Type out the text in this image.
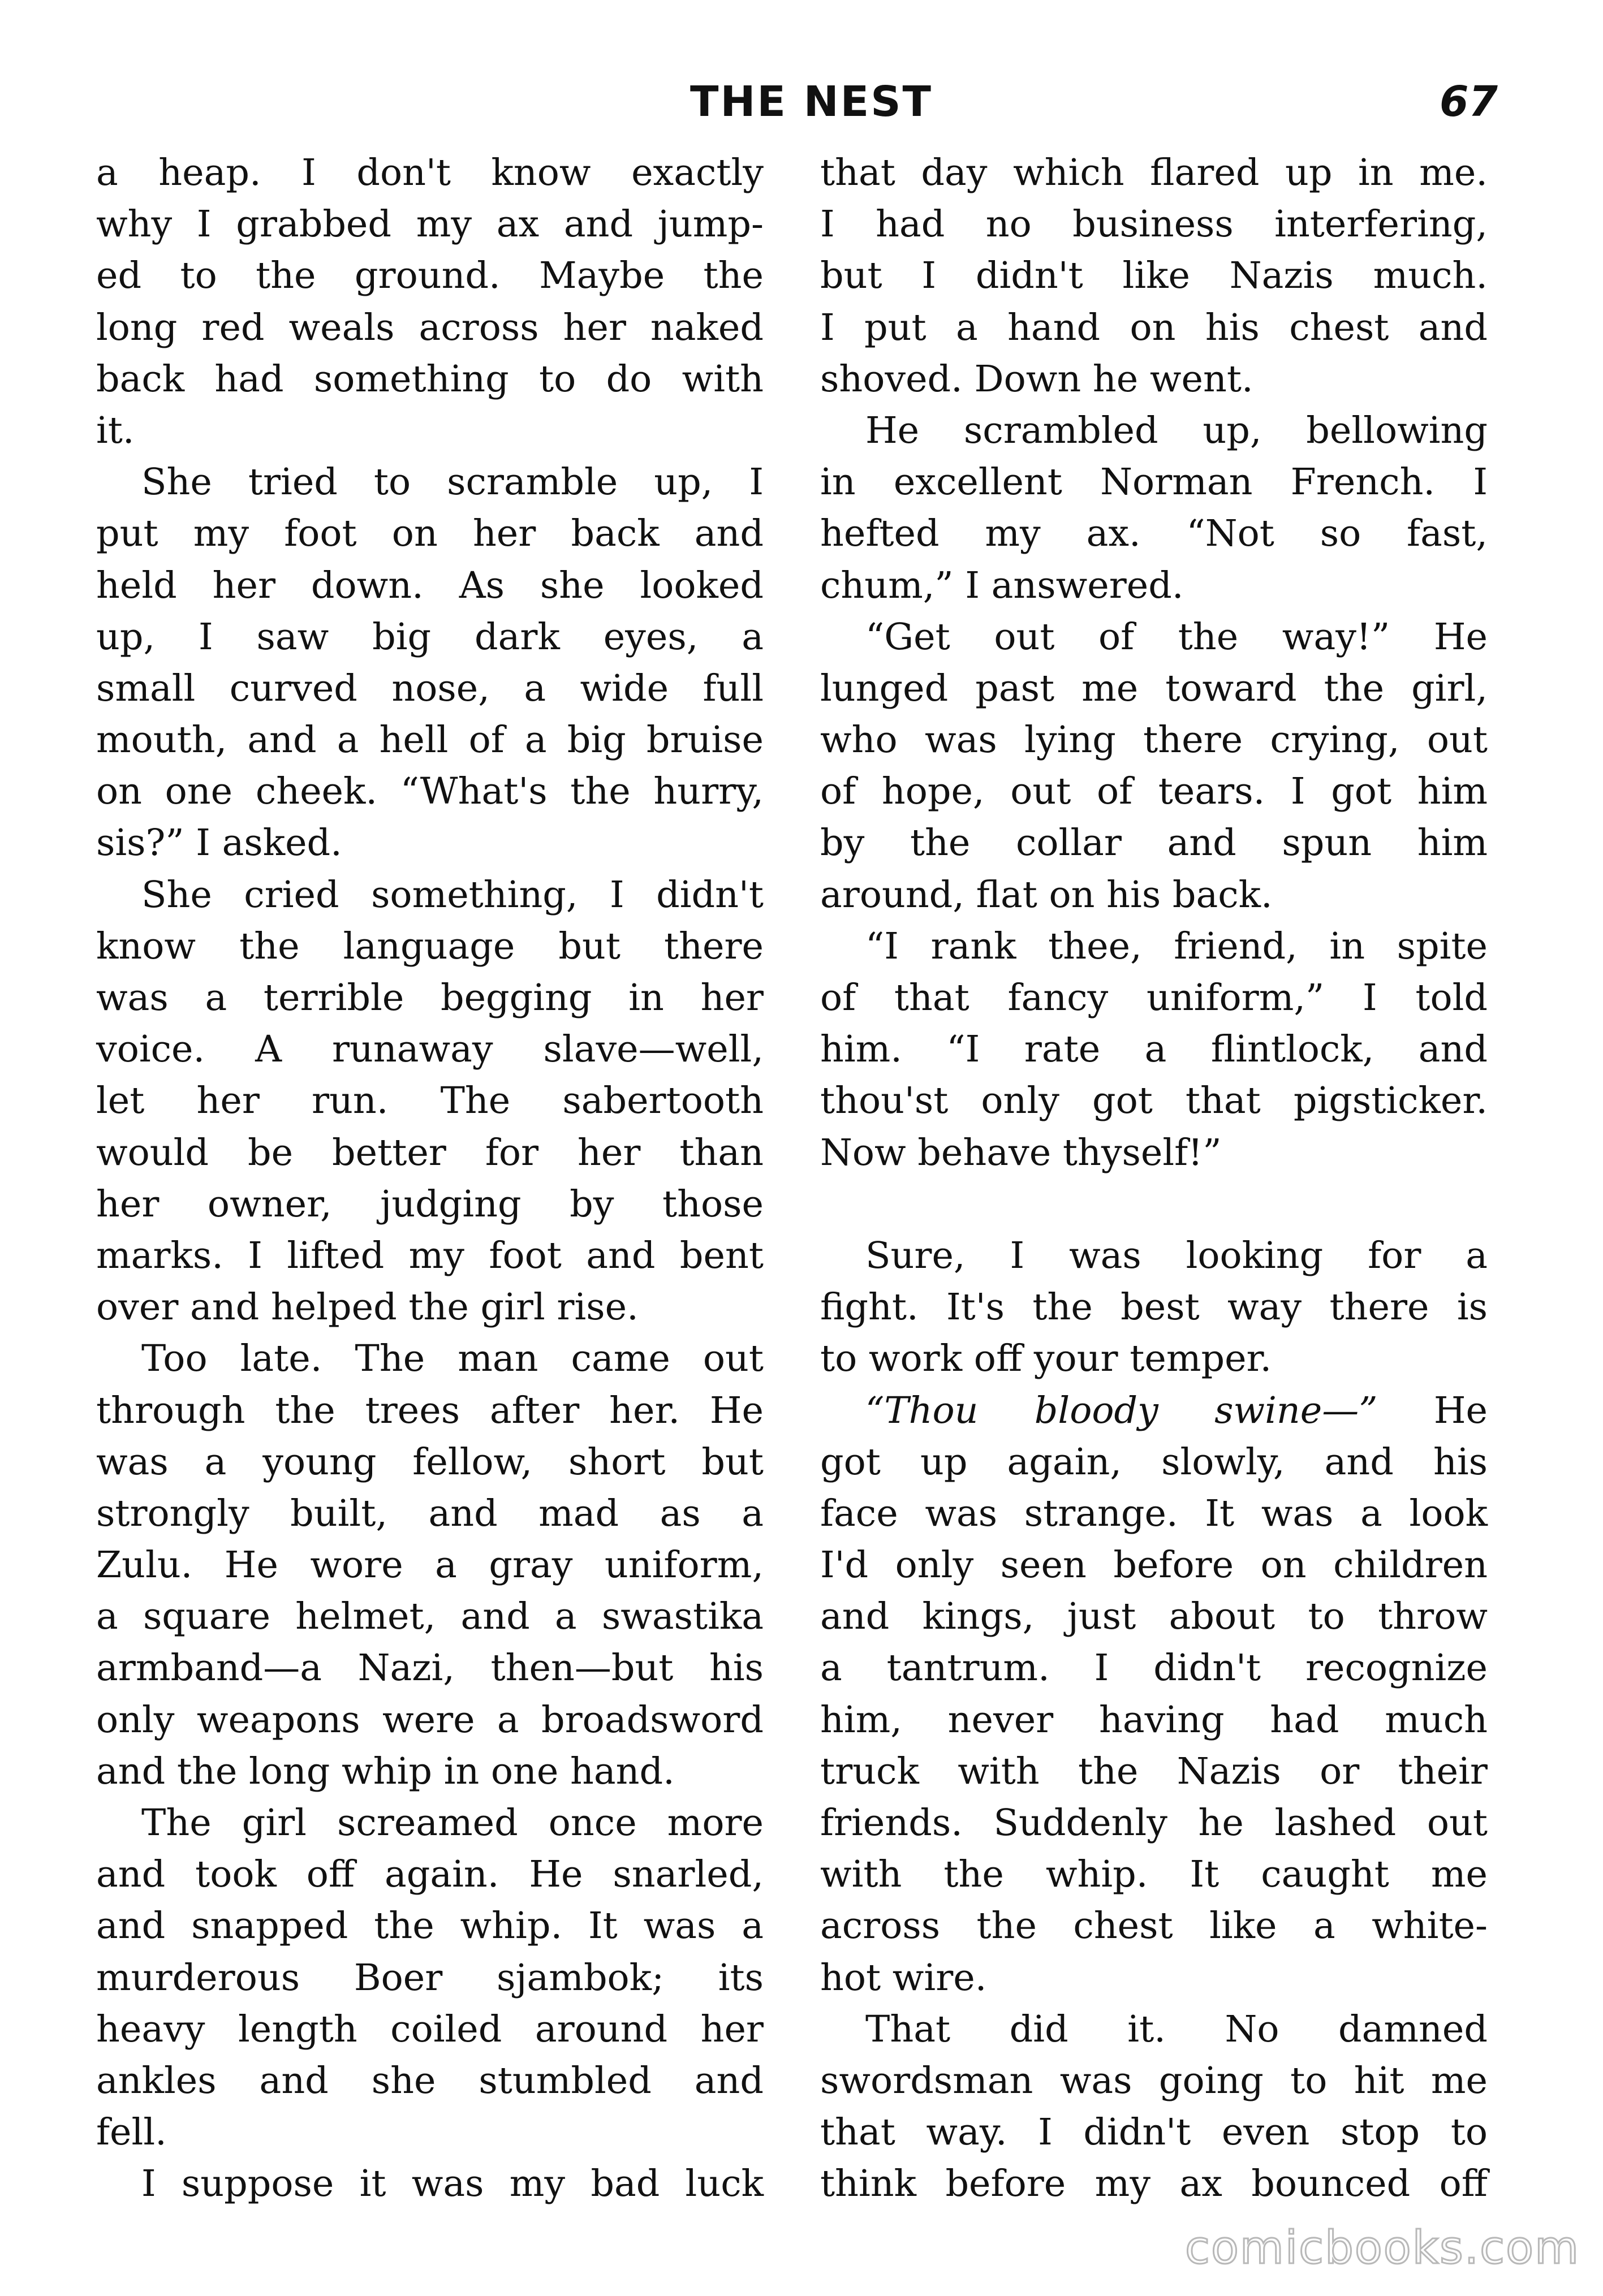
THE NEST	67
a heap. I don't know exactly
why I grabbed my ax and jump-
ed to the ground. Maybe the
long red weals across her naked
back had something to do with
it.
She tried to scramble up, I
put my foot on her back and
held her down. As she looked
up, I saw big dark eyes, a
small curved nose, a wide full
mouth, and a hell of a big bruise
on one cheek. “What's the hurry,
sis?” I asked.
She cried something, I didn't
know the language but there
was a terrible begging in her
voice. A runaway slave—well,
let her run. The sabertooth
would be better for her than
her owner, judging by those
marks. I lifted my foot and bent
over and helped the girl rise.
Too late. The man came out
through the trees after her. He
was a young fellow, short but
strongly built, and mad as a
Zulu. He wore a gray uniform,
a square helmet, and a swastika
armband—a Nazi, then—but his
only weapons were a broadsword
and the long whip in one hand.
The girl screamed once more
and took off again. He snarled,
and snapped the whip. It was a
murderous Boer sjambok; its
heavy length coiled around her
ankles and she stumbled and
fell.
I suppose it was my bad luck
that day which flared up in me.
I had no business interfering,
but I didn't like Nazis much.
I put a hand on his chest and
shoved. Down he went.
He scrambled up, bellowing
in excellent Norman French. I
hefted my ax. “Not so fast,
chum,” I answered.
“Get out of the way!” He
lunged past me toward the girl,
who was lying there crying, out
of hope, out of tears. I got him
by the collar and spun him
around, flat on his back.
“I rank thee, friend, in spite
of that fancy uniform,” I told
him. “I rate a flintlock, and
thou'st only got that pigsticker.
Now behave thyself!”
Sure, I was looking for a
fight. It's the best way there is
to work off your temper.
“Thou bloody swine—” He
got up again, slowly, and his
face was strange. It was a look
I'd only seen before on children
and kings, just about to throw
a tantrum. I didn't recognize
him, never having had much
truck with the Nazis or their
friends. Suddenly he lashed out
with the whip. It caught me
across the chest like a white-
hot wire.
That did it. No damned
swordsman was going to hit me
that way. I didn't even stop to
think before my ax bounced off
comicbooks.com
